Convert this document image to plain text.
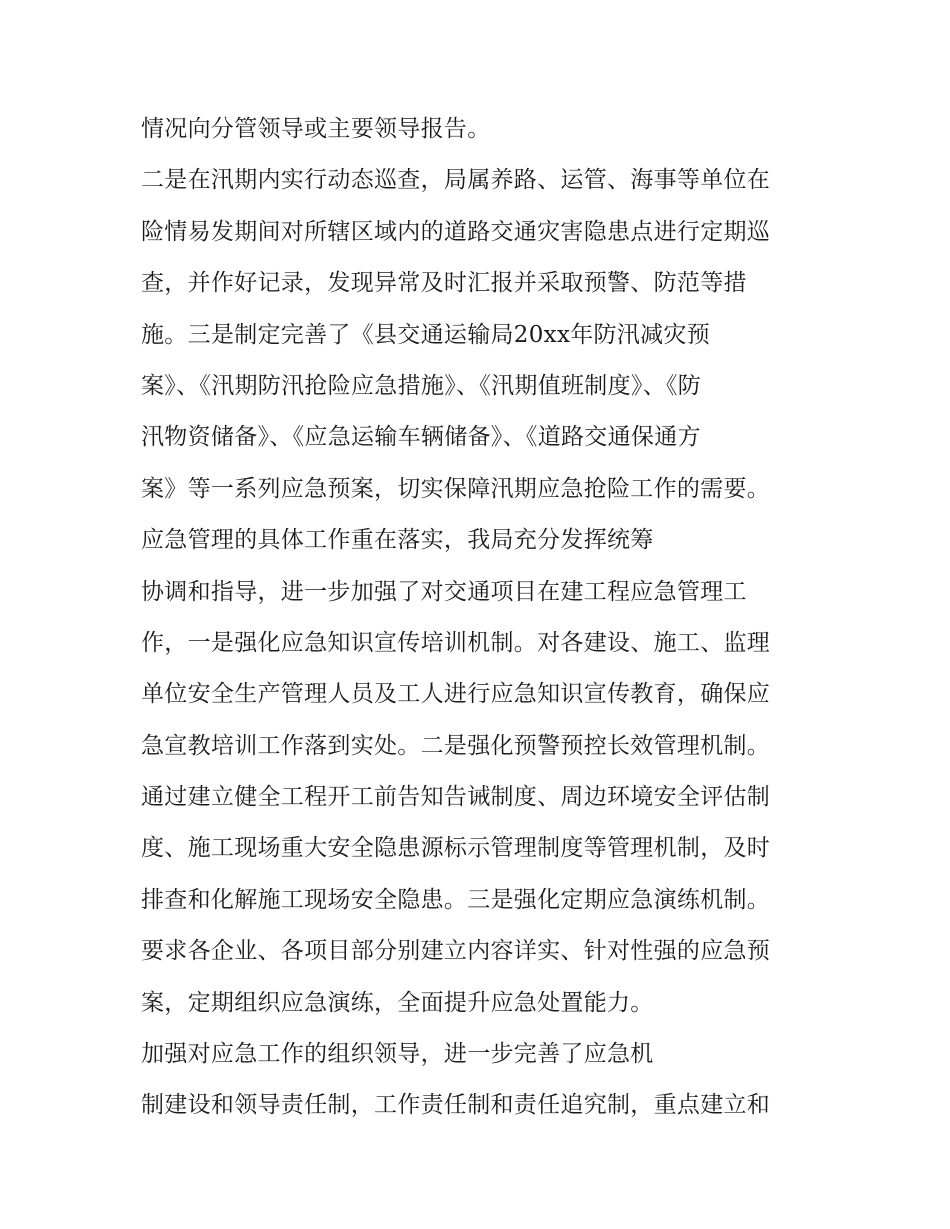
情况向分管领导或主要领导报告。
二是在汛期内实行动态巡查，局属养路、运管、海事等单位在
险情易发期间对所辖区域内的道路交通灾害隐患点进行定期巡
查，并作好记录，发现异常及时汇报并采取预警、防范等措
施。三是制定完善了《县交通运输局20xx年防汛减灾预
案》、《汛期防汛抢险应急措施》、《汛期值班制度》、《防
汛物资储备》、《应急运输车辆储备》、《道路交通保通方
案》等一系列应急预案，切实保障汛期应急抢险工作的需要。
应急管理的具体工作重在落实，我局充分发挥统筹
协调和指导，进一步加强了对交通项目在建工程应急管理工
作，一是强化应急知识宣传培训机制。对各建设、施工、监理
单位安全生产管理人员及工人进行应急知识宣传教育，确保应
急宣教培训工作落到实处。二是强化预警预控长效管理机制。
通过建立健全工程开工前告知告诫制度、周边环境安全评估制
度、施工现场重大安全隐患源标示管理制度等管理机制，及时
排查和化解施工现场安全隐患。三是强化定期应急演练机制。
要求各企业、各项目部分别建立内容详实、针对性强的应急预
案，定期组织应急演练，全面提升应急处置能力。
加强对应急工作的组织领导，进一步完善了应急机
制建设和领导责任制，工作责任制和责任追究制，重点建立和
